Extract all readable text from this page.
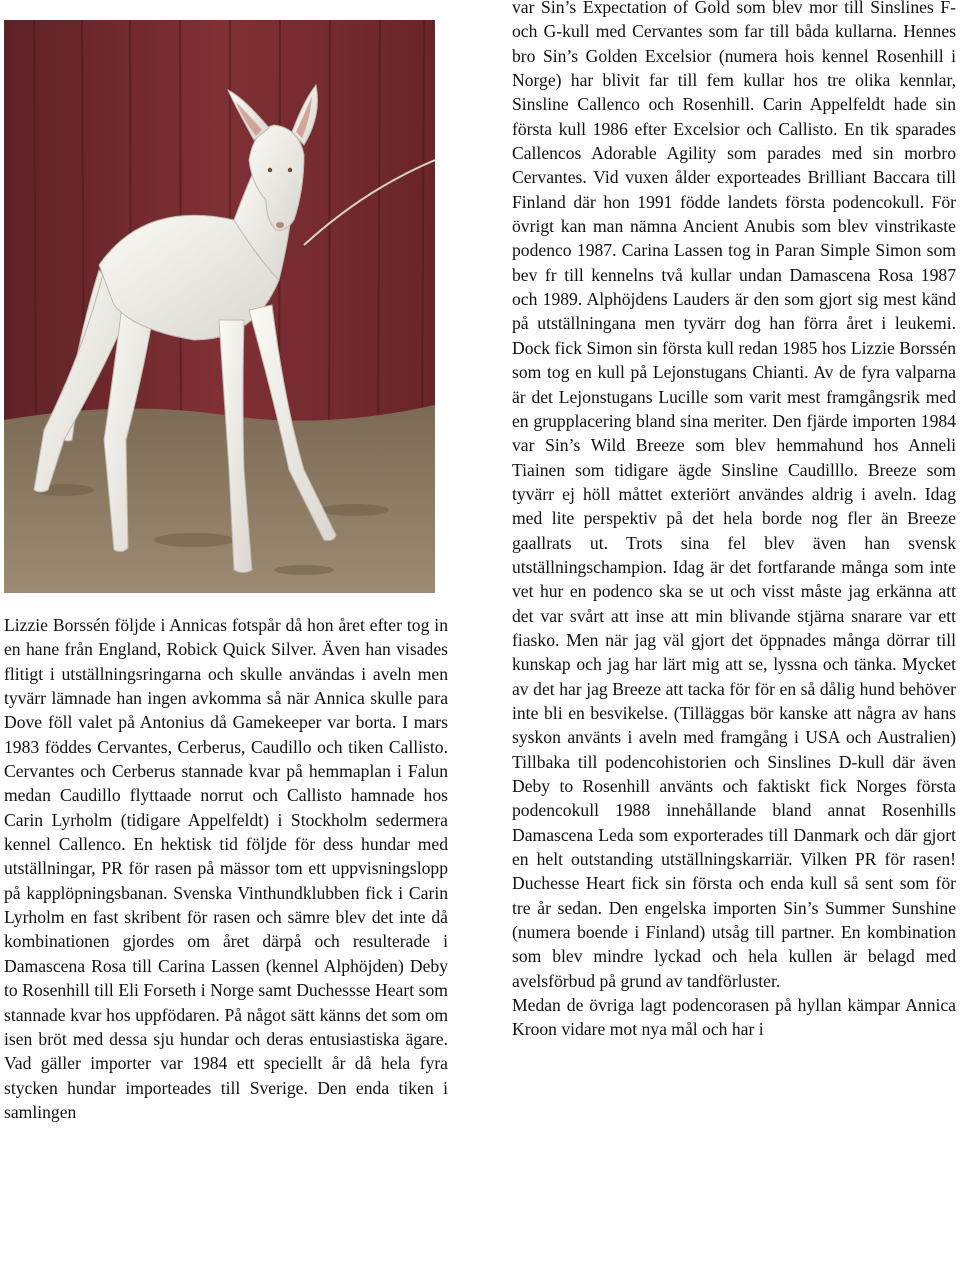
Lizzie Borssén följde i Annicas fotspår då hon året efter tog in en hane från England, Robick Quick Silver. Även han visades flitigt i utställningsringarna och skulle användas i aveln men tyvärr lämnade han ingen avkomma så när Annica skulle para Dove föll valet på Antonius då Gamekeeper var borta. I mars 1983 föddes Cervantes, Cerberus, Caudillo och tiken Callisto. Cervantes och Cerberus stannade kvar på hemmaplan i Falun medan Caudillo flyttaade norrut och Callisto hamnade hos Carin Lyrholm (tidigare Appelfeldt) i Stockholm sedermera kennel Callenco. En hektisk tid följde för dess hundar med utställningar, PR för rasen på mässor tom ett uppvisningslopp på kapplöpningsbanan. Svenska Vinthundklubben fick i Carin Lyrholm en fast skribent för rasen och sämre blev det inte då kombinationen gjordes om året därpå och resulterade i Damascena Rosa till Carina Lassen (kennel Alphöjden) Deby to Rosenhill till Eli Forseth i Norge samt Duchessse Heart som stannade kvar hos uppfödaren. På något sätt känns det som om isen bröt med dessa sju hundar och deras entusiastiska ägare. Vad gäller importer var 1984 ett speciellt år då hela fyra stycken hundar importeades till Sverige. Den enda tiken i samlingen

var Sin’s Expectation of Gold som blev mor till Sinslines F- och G-kull med Cervantes som far till båda kullarna. Hennes bro Sin’s Golden Excelsior (numera hois kennel Rosenhill i Norge) har blivit far till fem kullar hos tre olika kennlar, Sinsline Callenco och Rosenhill. Carin Appelfeldt hade sin första kull 1986 efter Excelsior och Callisto. En tik sparades Callencos Adorable Agility som parades med sin morbro Cervantes. Vid vuxen ålder exporteades Brilliant Baccara till Finland där hon 1991 födde landets första podencokull. För övrigt kan man nämna Ancient Anubis som blev vinstrikaste podenco 1987. Carina Lassen tog in Paran Simple Simon som bev fr till kennelns två kullar undan Damascena Rosa 1987 och 1989. Alphöjdens Lauders är den som gjort sig mest känd på utställningana men tyvärr dog han förra året i leukemi. Dock fick Simon sin första kull redan 1985 hos Lizzie Borssén som tog en kull på Lejonstugans Chianti. Av de fyra valparna är det Lejonstugans Lucille som varit mest framgångsrik med en grupplacering bland sina meriter. Den fjärde importen 1984 var Sin’s Wild Breeze som blev hemmahund hos Anneli Tiainen som tidigare ägde Sinsline Caudilllo. Breeze som tyvärr ej höll måttet exteriört användes aldrig i aveln. Idag med lite perspektiv på det hela borde nog fler än Breeze gaallrats ut. Trots sina fel blev även han svensk utställningschampion. Idag är det fortfarande många som inte vet hur en podenco ska se ut och visst måste jag erkänna att det var svårt att inse att min blivande stjärna snarare var ett fiasko. Men när jag väl gjort det öppnades många dörrar till kunskap och jag har lärt mig att se, lyssna och tänka. Mycket av det har jag Breeze att tacka för för en så dålig hund behöver inte bli en besvikelse. (Tilläggas bör kanske att några av hans syskon använts i aveln med framgång i USA och Australien) Tillbaka till podencohistorien och Sinslines D-kull där även Deby to Rosenhill använts och faktiskt fick Norges första podencokull 1988 innehållande bland annat Rosenhills Damascena Leda som exporterades till Danmark och där gjort en helt outstanding utställningskarriär. Vilken PR för rasen! Duchesse Heart fick sin första och enda kull så sent som för tre år sedan. Den engelska importen Sin’s Summer Sunshine (numera boende i Finland) utsåg till partner. En kombination som blev mindre lyckad och hela kullen är belagd med avelsförbud på grund av tandförluster.

Medan de övriga lagt podencorasen på hyllan kämpar Annica Kroon vidare mot nya mål och har i
